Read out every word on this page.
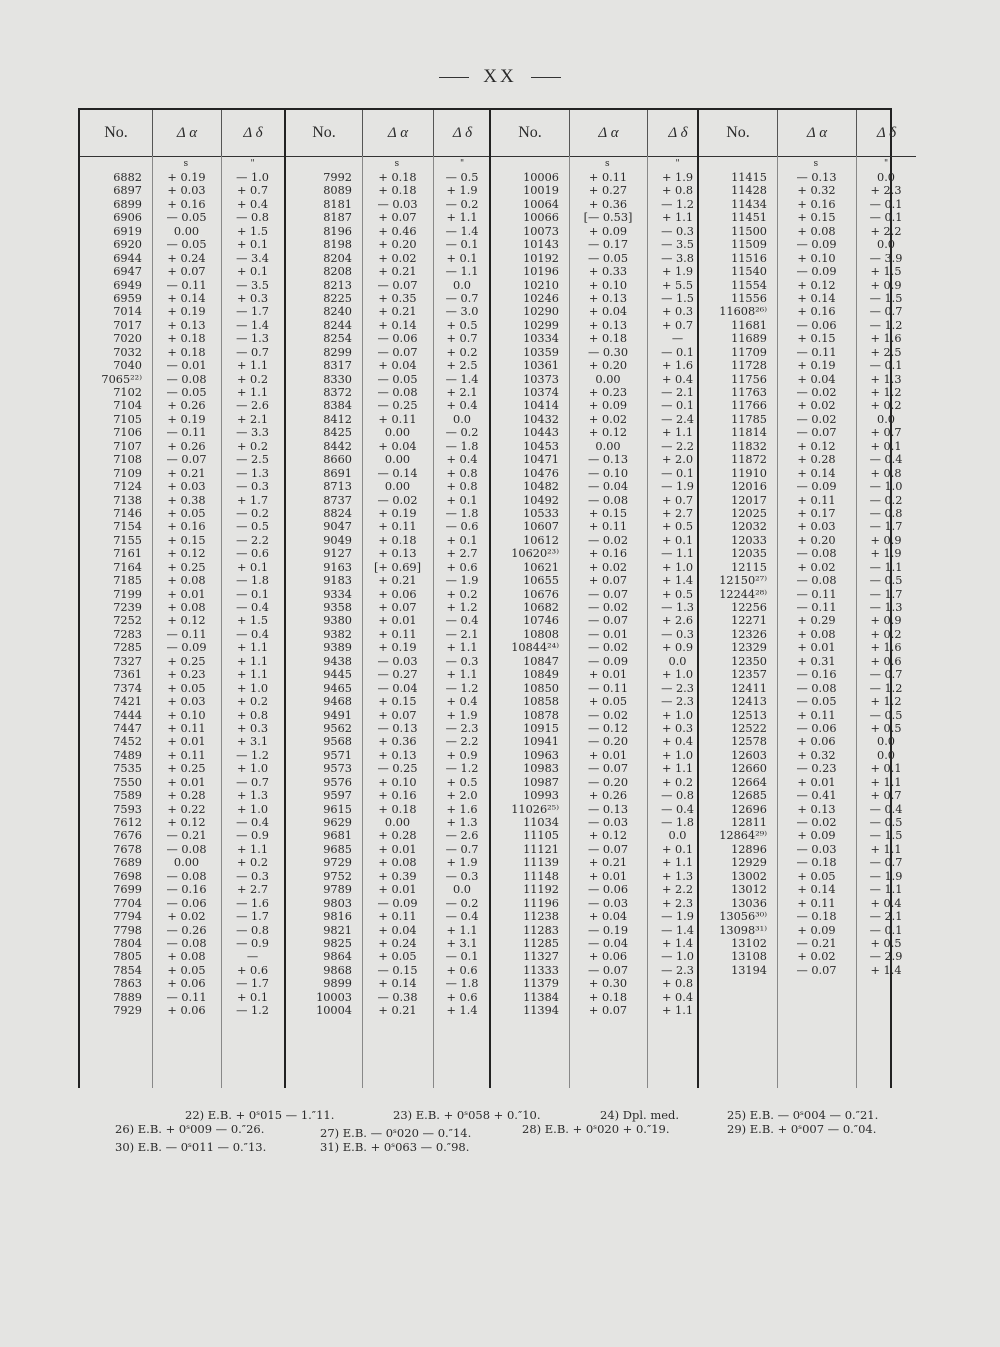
XX
No.	Δ α	Δ δ
s	"
6882	+ 0.19	— 1.0
6897	+ 0.03	+ 0.7
6899	+ 0.16	+ 0.4
6906	— 0.05	— 0.8
6919	0.00	+ 1.5
6920	— 0.05	+ 0.1
6944	+ 0.24	— 3.4
6947	+ 0.07	+ 0.1
6949	— 0.11	— 3.5
6959	+ 0.14	+ 0.3
7014	+ 0.19	— 1.7
7017	+ 0.13	— 1.4
7020	+ 0.18	— 1.3
7032	+ 0.18	— 0.7
7040	— 0.01	+ 1.1
7065²²⁾	— 0.08	+ 0.2
7102	— 0.05	+ 1.1
7104	+ 0.26	— 2.6
7105	+ 0.19	+ 2.1
7106	— 0.11	— 3.3
7107	+ 0.26	+ 0.2
7108	— 0.07	— 2.5
7109	+ 0.21	— 1.3
7124	+ 0.03	— 0.3
7138	+ 0.38	+ 1.7
7146	+ 0.05	— 0.2
7154	+ 0.16	— 0.5
7155	+ 0.15	— 2.2
7161	+ 0.12	— 0.6
7164	+ 0.25	+ 0.1
7185	+ 0.08	— 1.8
7199	+ 0.01	— 0.1
7239	+ 0.08	— 0.4
7252	+ 0.12	+ 1.5
7283	— 0.11	— 0.4
7285	— 0.09	+ 1.1
7327	+ 0.25	+ 1.1
7361	+ 0.23	+ 1.1
7374	+ 0.05	+ 1.0
7421	+ 0.03	+ 0.2
7444	+ 0.10	+ 0.8
7447	+ 0.11	+ 0.3
7452	+ 0.01	+ 3.1
7489	+ 0.11	— 1.2
7535	+ 0.25	+ 1.0
7550	+ 0.01	— 0.7
7589	+ 0.28	+ 1.3
7593	+ 0.22	+ 1.0
7612	+ 0.12	— 0.4
7676	— 0.21	— 0.9
7678	— 0.08	+ 1.1
7689	0.00	+ 0.2
7698	— 0.08	— 0.3
7699	— 0.16	+ 2.7
7704	— 0.06	— 1.6
7794	+ 0.02	— 1.7
7798	— 0.26	— 0.8
7804	— 0.08	— 0.9
7805	+ 0.08	—
7854	+ 0.05	+ 0.6
7863	+ 0.06	— 1.7
7889	— 0.11	+ 0.1
7929	+ 0.06	— 1.2
No.	Δ α	Δ δ
s	"
7992	+ 0.18	— 0.5
8089	+ 0.18	+ 1.9
8181	— 0.03	— 0.2
8187	+ 0.07	+ 1.1
8196	+ 0.46	— 1.4
8198	+ 0.20	— 0.1
8204	+ 0.02	+ 0.1
8208	+ 0.21	— 1.1
8213	— 0.07	0.0
8225	+ 0.35	— 0.7
8240	+ 0.21	— 3.0
8244	+ 0.14	+ 0.5
8254	— 0.06	+ 0.7
8299	— 0.07	+ 0.2
8317	+ 0.04	+ 2.5
8330	— 0.05	— 1.4
8372	— 0.08	+ 2.1
8384	— 0.25	+ 0.4
8412	+ 0.11	0.0
8425	0.00	— 0.2
8442	+ 0.04	— 1.8
8660	0.00	+ 0.4
8691	— 0.14	+ 0.8
8713	0.00	+ 0.8
8737	— 0.02	+ 0.1
8824	+ 0.19	— 1.8
9047	+ 0.11	— 0.6
9049	+ 0.18	+ 0.1
9127	+ 0.13	+ 2.7
9163	[+ 0.69]	+ 0.6
9183	+ 0.21	— 1.9
9334	+ 0.06	+ 0.2
9358	+ 0.07	+ 1.2
9380	+ 0.01	— 0.4
9382	+ 0.11	— 2.1
9389	+ 0.19	+ 1.1
9438	— 0.03	— 0.3
9445	— 0.27	+ 1.1
9465	— 0.04	— 1.2
9468	+ 0.15	+ 0.4
9491	+ 0.07	+ 1.9
9562	— 0.13	— 2.3
9568	+ 0.36	— 2.2
9571	+ 0.13	+ 0.9
9573	— 0.25	— 1.2
9576	+ 0.10	+ 0.5
9597	+ 0.16	+ 2.0
9615	+ 0.18	+ 1.6
9629	0.00	+ 1.3
9681	+ 0.28	— 2.6
9685	+ 0.01	— 0.7
9729	+ 0.08	+ 1.9
9752	+ 0.39	— 0.3
9789	+ 0.01	0.0
9803	— 0.09	— 0.2
9816	+ 0.11	— 0.4
9821	+ 0.04	+ 1.1
9825	+ 0.24	+ 3.1
9864	+ 0.05	— 0.1
9868	— 0.15	+ 0.6
9899	+ 0.14	— 1.8
10003	— 0.38	+ 0.6
10004	+ 0.21	+ 1.4
No.	Δ α	Δ δ
s	"
10006	+ 0.11	+ 1.9
10019	+ 0.27	+ 0.8
10064	+ 0.36	— 1.2
10066	[— 0.53]	+ 1.1
10073	+ 0.09	— 0.3
10143	— 0.17	— 3.5
10192	— 0.05	— 3.8
10196	+ 0.33	+ 1.9
10210	+ 0.10	+ 5.5
10246	+ 0.13	— 1.5
10290	+ 0.04	+ 0.3
10299	+ 0.13	+ 0.7
10334	+ 0.18	—
10359	— 0.30	— 0.1
10361	+ 0.20	+ 1.6
10373	0.00	+ 0.4
10374	+ 0.23	— 2.1
10414	+ 0.09	— 0.1
10432	+ 0.02	— 2.4
10443	+ 0.12	+ 1.1
10453	0.00	— 2.2
10471	— 0.13	+ 2.0
10476	— 0.10	— 0.1
10482	— 0.04	— 1.9
10492	— 0.08	+ 0.7
10533	+ 0.15	+ 2.7
10607	+ 0.11	+ 0.5
10612	— 0.02	+ 0.1
10620²³⁾	+ 0.16	— 1.1
10621	+ 0.02	+ 1.0
10655	+ 0.07	+ 1.4
10676	— 0.07	+ 0.5
10682	— 0.02	— 1.3
10746	— 0.07	+ 2.6
10808	— 0.01	— 0.3
10844²⁴⁾	— 0.02	+ 0.9
10847	— 0.09	0.0
10849	+ 0.01	+ 1.0
10850	— 0.11	— 2.3
10858	+ 0.05	— 2.3
10878	— 0.02	+ 1.0
10915	— 0.12	+ 0.3
10941	— 0.20	+ 0.4
10963	+ 0.01	+ 1.0
10983	— 0.07	+ 1.1
10987	— 0.20	+ 0.2
10993	+ 0.26	— 0.8
11026²⁵⁾	— 0.13	— 0.4
11034	— 0.03	— 1.8
11105	+ 0.12	0.0
11121	— 0.07	+ 0.1
11139	+ 0.21	+ 1.1
11148	+ 0.01	+ 1.3
11192	— 0.06	+ 2.2
11196	— 0.03	+ 2.3
11238	+ 0.04	— 1.9
11283	— 0.19	— 1.4
11285	— 0.04	+ 1.4
11327	+ 0.06	— 1.0
11333	— 0.07	— 2.3
11379	+ 0.30	+ 0.8
11384	+ 0.18	+ 0.4
11394	+ 0.07	+ 1.1
No.	Δ α	Δ δ
s	"
11415	— 0.13	0.0
11428	+ 0.32	+ 2.3
11434	+ 0.16	— 0.1
11451	+ 0.15	— 0.1
11500	+ 0.08	+ 2.2
11509	— 0.09	0.0
11516	+ 0.10	— 3.9
11540	— 0.09	+ 1.5
11554	+ 0.12	+ 0.9
11556	+ 0.14	— 1.5
11608²⁶⁾	+ 0.16	— 0.7
11681	— 0.06	— 1.2
11689	+ 0.15	+ 1.6
11709	— 0.11	+ 2.5
11728	+ 0.19	— 0.1
11756	+ 0.04	+ 1.3
11763	— 0.02	+ 1.2
11766	+ 0.02	+ 0.2
11785	— 0.02	0.0
11814	— 0.07	+ 0.7
11832	+ 0.12	+ 0.1
11872	+ 0.28	— 0.4
11910	+ 0.14	+ 0.8
12016	— 0.09	— 1.0
12017	+ 0.11	— 0.2
12025	+ 0.17	— 0.8
12032	+ 0.03	— 1.7
12033	+ 0.20	+ 0.9
12035	— 0.08	+ 1.9
12115	+ 0.02	— 1.1
12150²⁷⁾	— 0.08	— 0.5
12244²⁸⁾	— 0.11	— 1.7
12256	— 0.11	— 1.3
12271	+ 0.29	+ 0.9
12326	+ 0.08	+ 0.2
12329	+ 0.01	+ 1.6
12350	+ 0.31	+ 0.6
12357	— 0.16	— 0.7
12411	— 0.08	— 1.2
12413	— 0.05	+ 1.2
12513	+ 0.11	— 0.5
12522	— 0.06	+ 0.5
12578	+ 0.06	0.0
12603	+ 0.32	0.0
12660	— 0.23	+ 0.1
12664	+ 0.01	+ 1.1
12685	— 0.41	+ 0.7
12696	+ 0.13	— 0.4
12811	— 0.02	— 0.5
12864²⁹⁾	+ 0.09	— 1.5
12896	— 0.03	+ 1.1
12929	— 0.18	— 0.7
13002	+ 0.05	— 1.9
13012	+ 0.14	— 1.1
13036	+ 0.11	+ 0.4
13056³⁰⁾	— 0.18	— 2.1
13098³¹⁾	+ 0.09	— 0.1
13102	— 0.21	+ 0.5
13108	+ 0.02	— 2.9
13194	— 0.07	+ 1.4
22) E.B. + 0ˢ015 — 1.″11.	23) E.B. + 0ˢ058 + 0.″10.	24) Dpl. med.	25) E.B. — 0ˢ004 — 0.″21.
26) E.B. + 0ˢ009 — 0.″26.	27) E.B. — 0ˢ020 — 0.″14.	28) E.B. + 0ˢ020 + 0.″19.	29) E.B. + 0ˢ007 — 0.″04.
30) E.B. — 0ˢ011 — 0.″13.	31) E.B. + 0ˢ063 — 0.″98.
